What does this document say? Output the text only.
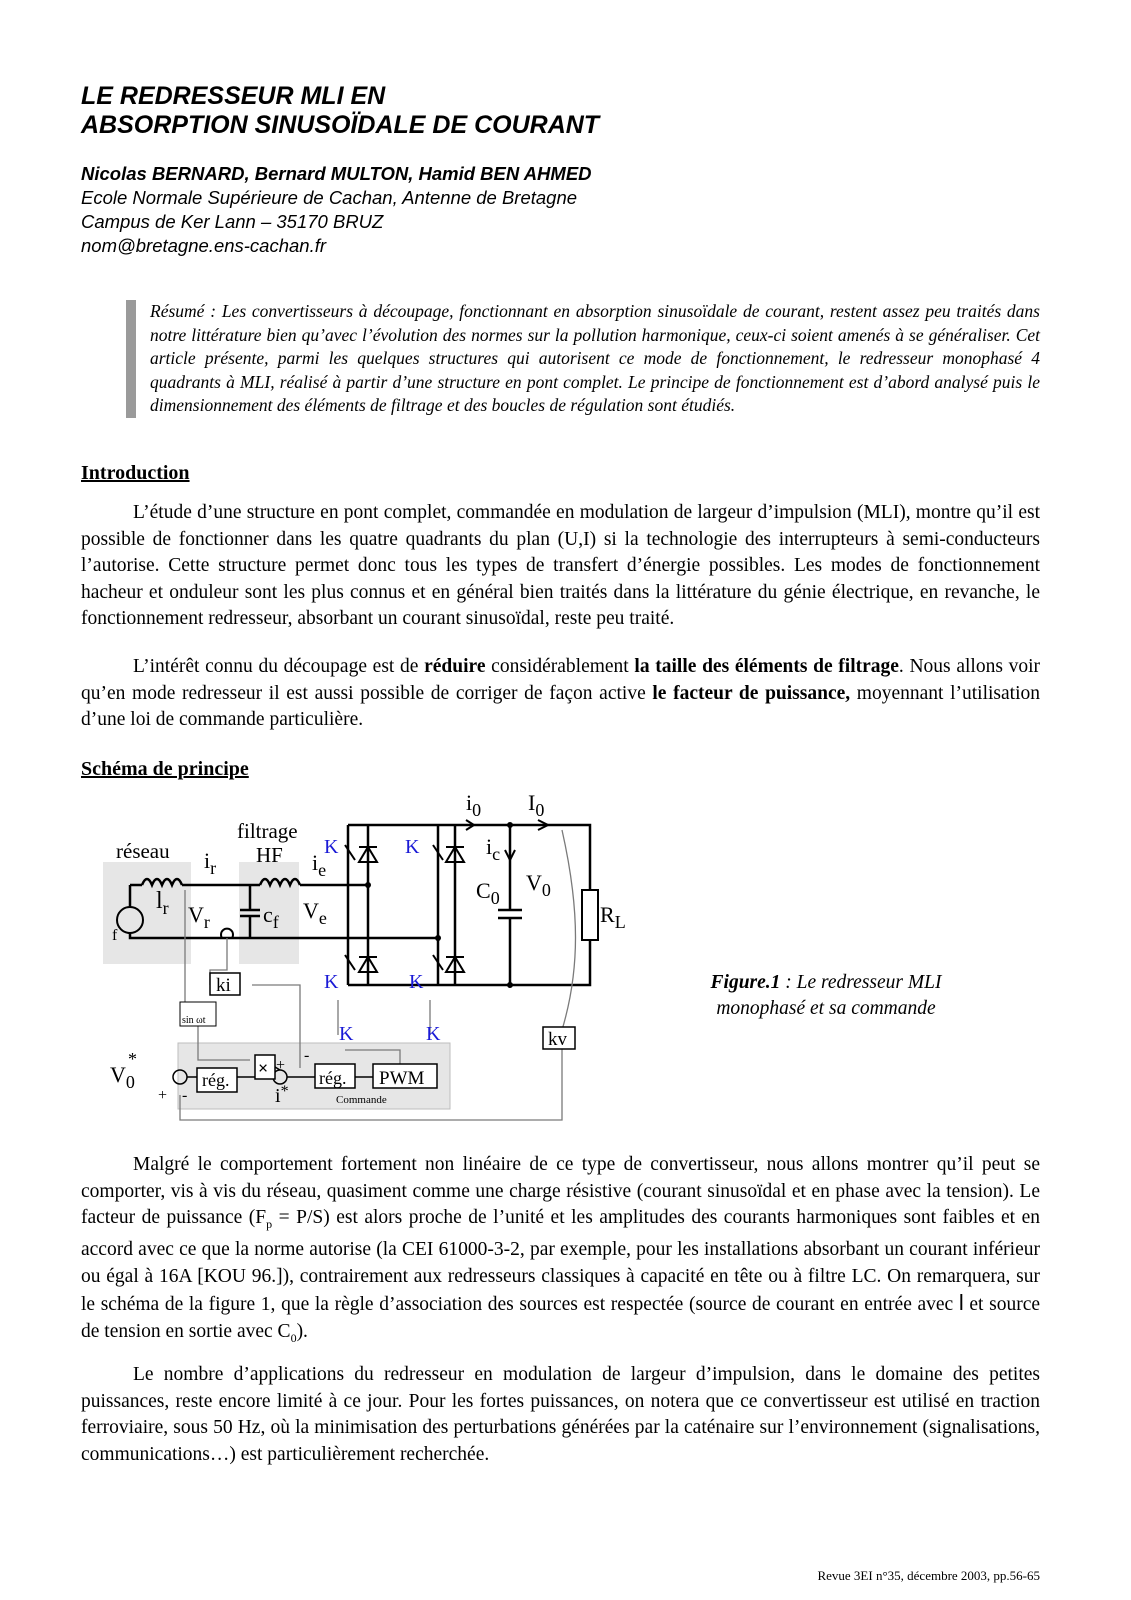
LE REDRESSEUR MLI EN
ABSORPTION SINUSOÏDALE DE COURANT
Nicolas BERNARD, Bernard MULTON, Hamid BEN AHMED
Ecole Normale Supérieure de Cachan, Antenne de Bretagne
Campus de Ker Lann – 35170 BRUZ
nom@bretagne.ens-cachan.fr
Résumé : Les convertisseurs à découpage, fonctionnant en absorption sinusoïdale de courant, restent assez peu traités dans notre littérature bien qu’avec l’évolution des normes sur la pollution harmonique, ceux-ci soient amenés à se généraliser. Cet article présente, parmi les quelques structures qui autorisent ce mode de fonctionnement, le redresseur monophasé 4 quadrants à MLI, réalisé à partir d’une structure en pont complet. Le principe de fonctionnement est d’abord analysé puis le dimensionnement des éléments de filtrage et des boucles de régulation sont étudiés.
Introduction

L’étude d’une structure en pont complet, commandée en modulation de largeur d’impulsion (MLI), montre qu’il est possible de fonctionner dans les quatre quadrants du plan (U,I) si la technologie des interrupteurs à semi-conducteurs l’autorise. Cette structure permet donc tous les types de transfert d’énergie possibles. Les modes de fonctionnement hacheur et onduleur sont les plus connus et en général bien traités dans la littérature du génie électrique, en revanche, le fonctionnement redresseur, absorbant un courant sinusoïdal, reste peu traité.

L’intérêt connu du découpage est de réduire considérablement la taille des éléments de filtrage. Nous allons voir qu’en mode redresseur il est aussi possible de corriger de façon active le facteur de puissance, moyennant l’utilisation d’une loi de commande particulière.

Schéma de principe
réseau
filtrage
HF
$i_r$	$i_e$
$l_r$ $V_r$ $c_f$ $V_e$
f
$i_0$ $I_0$
$i_c$
$C_0$
$V_0$
$R_L$
K	K
K	K
K	K
ki
kv
sin ωt
$V_0$
*
rég.
×	rég. PWM
Commande
i*
+ -
+
-
Figure.1 : Le redresseur MLI monophasé et sa commande

Malgré le comportement fortement non linéaire de ce type de convertisseur, nous allons montrer qu’il peut se comporter, vis à vis du réseau, quasiment comme une charge résistive (courant sinusoïdal et en phase avec la tension). Le facteur de puissance $(F_p = P/S)$ est alors proche de l’unité et les amplitudes des courants harmoniques sont faibles et en accord avec ce que la norme autorise (la CEI 61000-3-2, par exemple, pour les installations absorbant un courant inférieur ou égal à 16A [KOU 96.]), contrairement aux redresseurs classiques à capacité en tête ou à filtre LC. On remarquera, sur le schéma de la figure 1, que la règle d’association des sources est respectée (source de courant en entrée avec l et source de tension en sortie avec $C_0$).

Le nombre d’applications du redresseur en modulation de largeur d’impulsion, dans le domaine des petites puissances, reste encore limité à ce jour. Pour les fortes puissances, on notera que ce convertisseur est utilisé en traction ferroviaire, sous 50 Hz, où la minimisation des perturbations générées par la caténaire sur l’environnement (signalisations, communications…) est particulièrement recherchée.

Revue 3EI n°35, décembre 2003, pp.56-65
